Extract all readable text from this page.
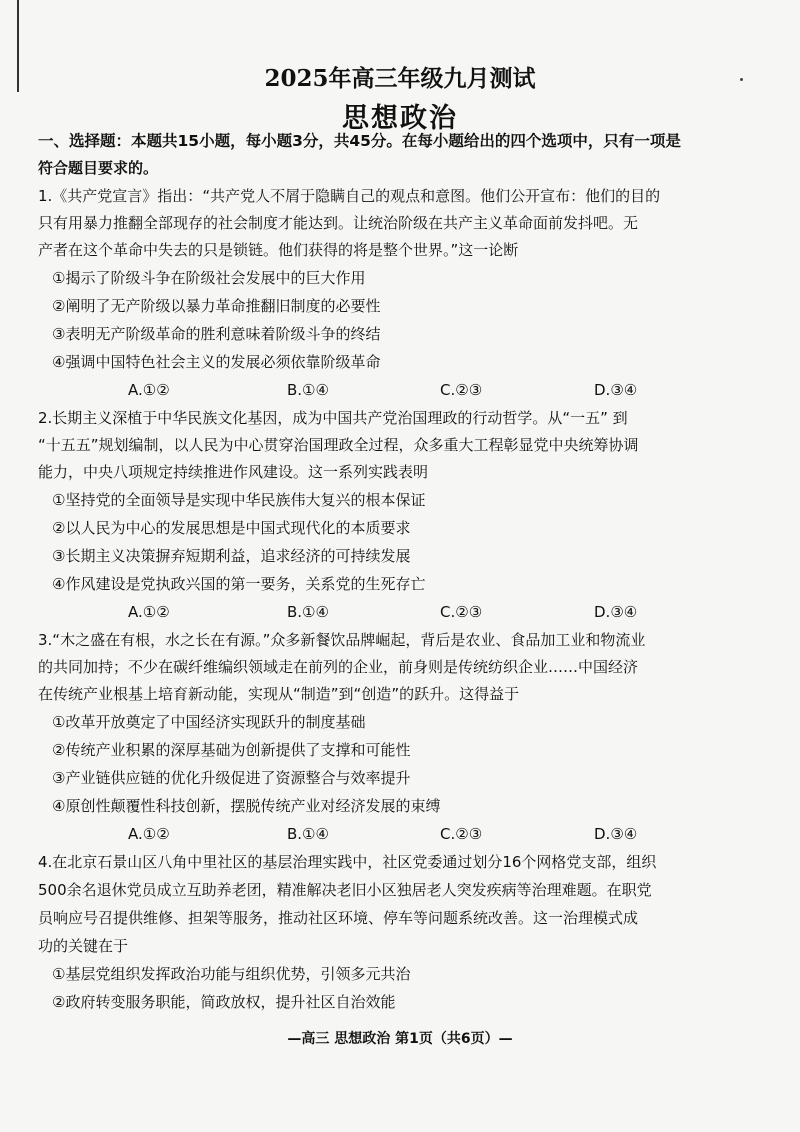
2025年高三年级九月测试
思想政治
一、选择题：本题共15小题，每小题3分，共45分。在每小题给出的四个选项中，只有一项是
符合题目要求的。
1.《共产党宣言》指出：“共产党人不屑于隐瞒自己的观点和意图。他们公开宣布：他们的目的
只有用暴力推翻全部现存的社会制度才能达到。让统治阶级在共产主义革命面前发抖吧。无
产者在这个革命中失去的只是锁链。他们获得的将是整个世界。”这一论断
①揭示了阶级斗争在阶级社会发展中的巨大作用
②阐明了无产阶级以暴力革命推翻旧制度的必要性
③表明无产阶级革命的胜利意味着阶级斗争的终结
④强调中国特色社会主义的发展必须依靠阶级革命
A.①②	B.①④	C.②③	D.③④
2.长期主义深植于中华民族文化基因，成为中国共产党治国理政的行动哲学。从“一五” 到
“十五五”规划编制，以人民为中心贯穿治国理政全过程，众多重大工程彰显党中央统筹协调
能力，中央八项规定持续推进作风建设。这一系列实践表明
①坚持党的全面领导是实现中华民族伟大复兴的根本保证
②以人民为中心的发展思想是中国式现代化的本质要求
③长期主义决策摒弃短期利益，追求经济的可持续发展
④作风建设是党执政兴国的第一要务，关系党的生死存亡
A.①②	B.①④	C.②③	D.③④
3.“木之盛在有根，水之长在有源。”众多新餐饮品牌崛起，背后是农业、食品加工业和物流业
的共同加持；不少在碳纤维编织领域走在前列的企业，前身则是传统纺织企业……中国经济
在传统产业根基上培育新动能，实现从“制造”到“创造”的跃升。这得益于
①改革开放奠定了中国经济实现跃升的制度基础
②传统产业积累的深厚基础为创新提供了支撑和可能性
③产业链供应链的优化升级促进了资源整合与效率提升
④原创性颠覆性科技创新，摆脱传统产业对经济发展的束缚
A.①②	B.①④	C.②③	D.③④
4.在北京石景山区八角中里社区的基层治理实践中，社区党委通过划分16个网格党支部，组织
500余名退休党员成立互助养老团，精准解决老旧小区独居老人突发疾病等治理难题。在职党
员响应号召提供维修、担架等服务，推动社区环境、停车等问题系统改善。这一治理模式成
功的关键在于
①基层党组织发挥政治功能与组织优势，引领多元共治
②政府转变服务职能，简政放权，提升社区自治效能
—高三 思想政治 第1页（共6页）—
